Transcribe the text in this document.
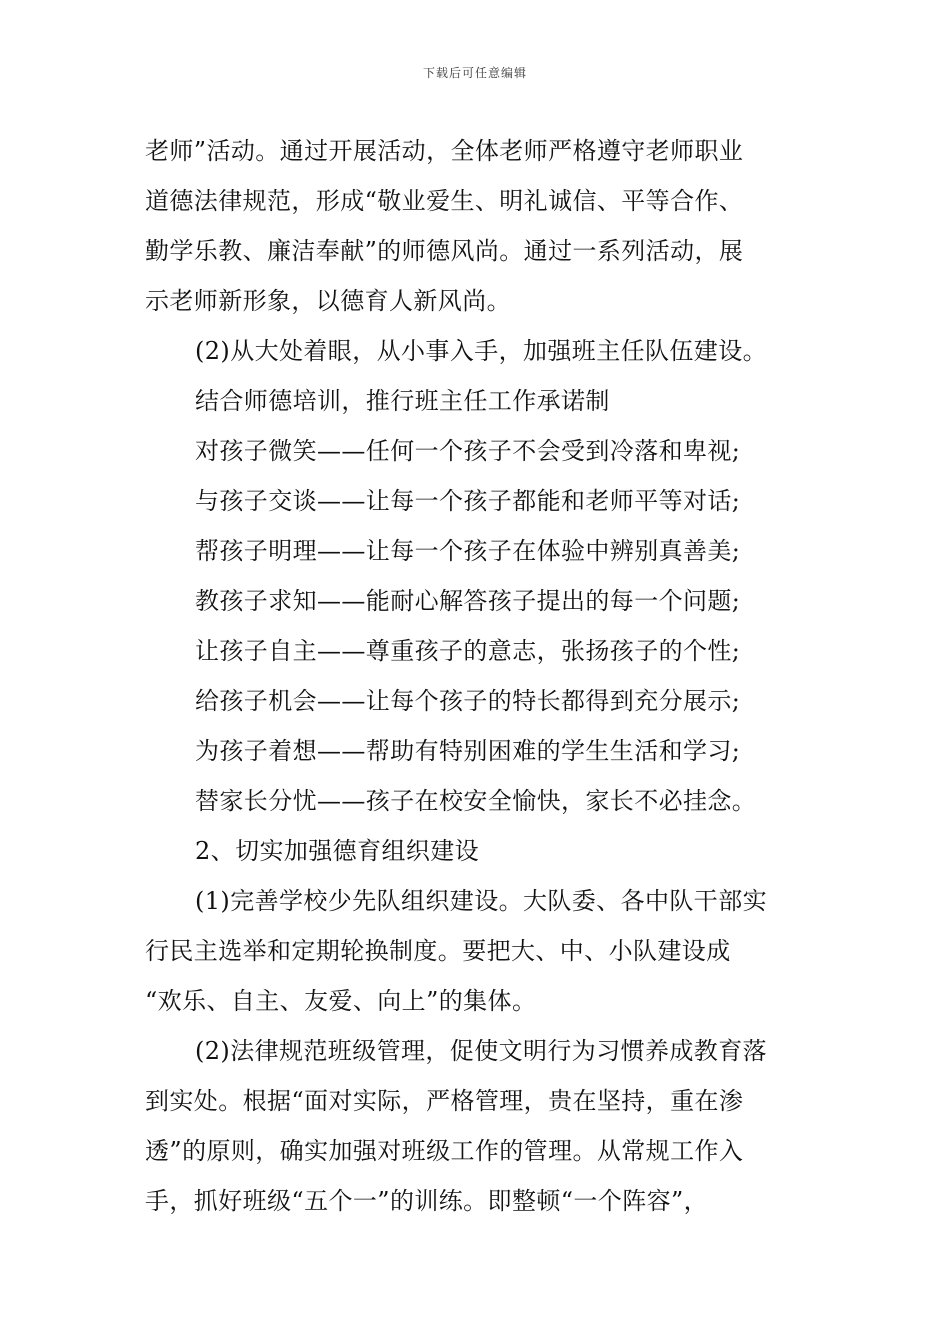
下载后可任意编辑
老师”活动。通过开展活动，全体老师严格遵守老师职业
道德法律规范，形成“敬业爱生、明礼诚信、平等合作、
勤学乐教、廉洁奉献”的师德风尚。通过一系列活动，展
示老师新形象，以德育人新风尚。
(2)从大处着眼，从小事入手，加强班主任队伍建设。
结合师德培训，推行班主任工作承诺制
对孩子微笑——任何一个孩子不会受到冷落和卑视;
与孩子交谈——让每一个孩子都能和老师平等对话;
帮孩子明理——让每一个孩子在体验中辨别真善美;
教孩子求知——能耐心解答孩子提出的每一个问题;
让孩子自主——尊重孩子的意志，张扬孩子的个性;
给孩子机会——让每个孩子的特长都得到充分展示;
为孩子着想——帮助有特别困难的学生生活和学习;
替家长分忧——孩子在校安全愉快，家长不必挂念。
2、切实加强德育组织建设
(1)完善学校少先队组织建设。大队委、各中队干部实
行民主选举和定期轮换制度。要把大、中、小队建设成
“欢乐、自主、友爱、向上”的集体。
(2)法律规范班级管理，促使文明行为习惯养成教育落
到实处。根据“面对实际，严格管理，贵在坚持，重在渗
透”的原则，确实加强对班级工作的管理。从常规工作入
手，抓好班级“五个一”的训练。即整顿“一个阵容”，
